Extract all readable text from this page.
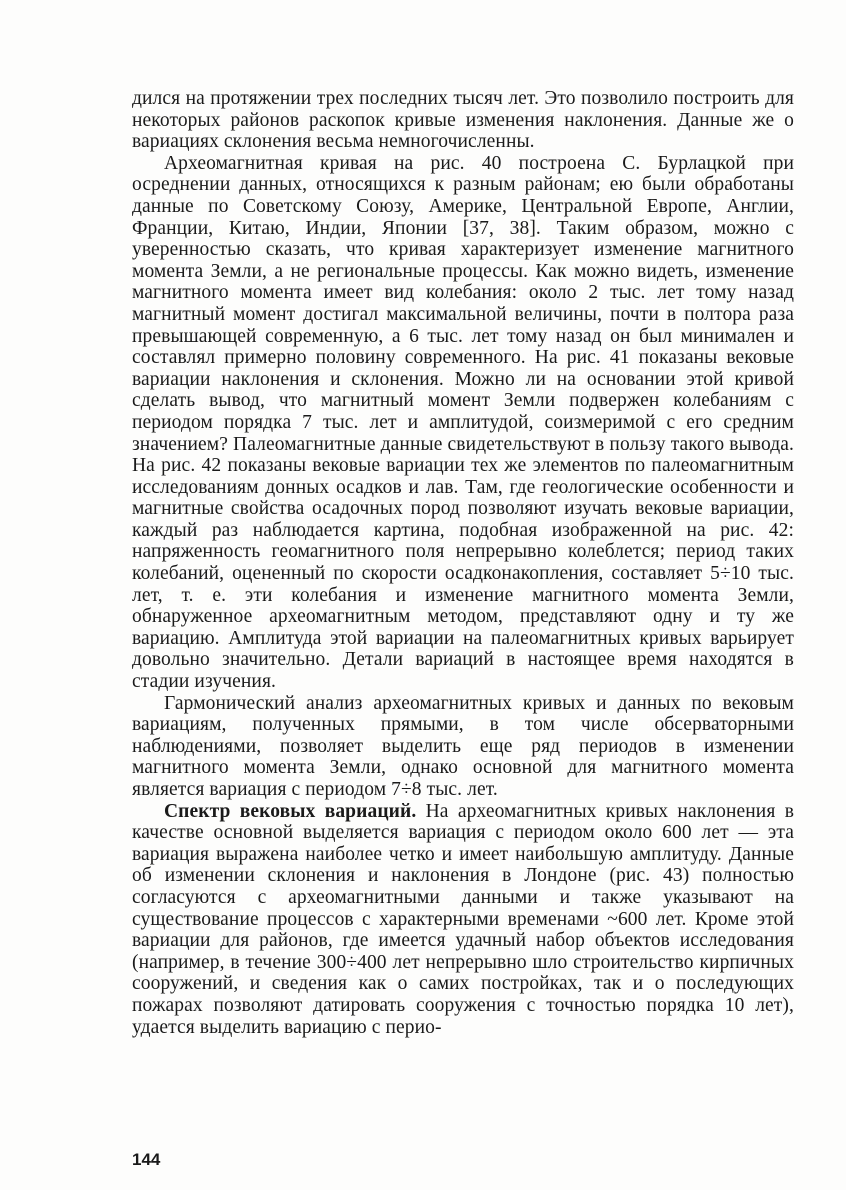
дился на протяжении трех последних тысяч лет. Это позволило построить для некоторых районов раскопок кривые изменения наклонения. Данные же о вариациях склонения весьма немногочисленны.

Археомагнитная кривая на рис. 40 построена С. Бурлацкой при осреднении данных, относящихся к разным районам; ею были обработаны данные по Советскому Союзу, Америке, Центральной Европе, Англии, Франции, Китаю, Индии, Японии [37, 38]. Таким образом, можно с уверенностью сказать, что кривая характеризует изменение магнитного момента Земли, а не региональные процессы. Как можно видеть, изменение магнитного момента имеет вид колебания: около 2 тыс. лет тому назад магнитный момент достигал максимальной величины, почти в полтора раза превышающей современную, а 6 тыс. лет тому назад он был минимален и составлял примерно половину современного. На рис. 41 показаны вековые вариации наклонения и склонения. Можно ли на основании этой кривой сделать вывод, что магнитный момент Земли подвержен колебаниям с периодом порядка 7 тыс. лет и амплитудой, соизмеримой с его средним значением? Палеомагнитные данные свидетельствуют в пользу такого вывода. На рис. 42 показаны вековые вариации тех же элементов по палеомагнитным исследованиям донных осадков и лав. Там, где геологические особенности и магнитные свойства осадочных пород позволяют изучать вековые вариации, каждый раз наблюдается картина, подобная изображенной на рис. 42: напряженность геомагнитного поля непрерывно колеблется; период таких колебаний, оцененный по скорости осадконакопления, составляет 5÷10 тыс. лет, т. е. эти колебания и изменение магнитного момента Земли, обнаруженное археомагнитным методом, представляют одну и ту же вариацию. Амплитуда этой вариации на палеомагнитных кривых варьирует довольно значительно. Детали вариаций в настоящее время находятся в стадии изучения.

Гармонический анализ археомагнитных кривых и данных по вековым вариациям, полученных прямыми, в том числе обсерваторными наблюдениями, позволяет выделить еще ряд периодов в изменении магнитного момента Земли, однако основной для магнитного момента является вариация с периодом 7÷8 тыс. лет.

Спектр вековых вариаций. На археомагнитных кривых наклонения в качестве основной выделяется вариация с периодом около 600 лет — эта вариация выражена наиболее четко и имеет наибольшую амплитуду. Данные об изменении склонения и наклонения в Лондоне (рис. 43) полностью согласуются с археомагнитными данными и также указывают на существование процессов с характерными временами ~600 лет. Кроме этой вариации для районов, где имеется удачный набор объектов исследования (например, в течение 300÷400 лет непрерывно шло строительство кирпичных сооружений, и сведения как о самих постройках, так и о последующих пожарах позволяют датировать сооружения с точностью порядка 10 лет), удается выделить вариацию с перио-

144
